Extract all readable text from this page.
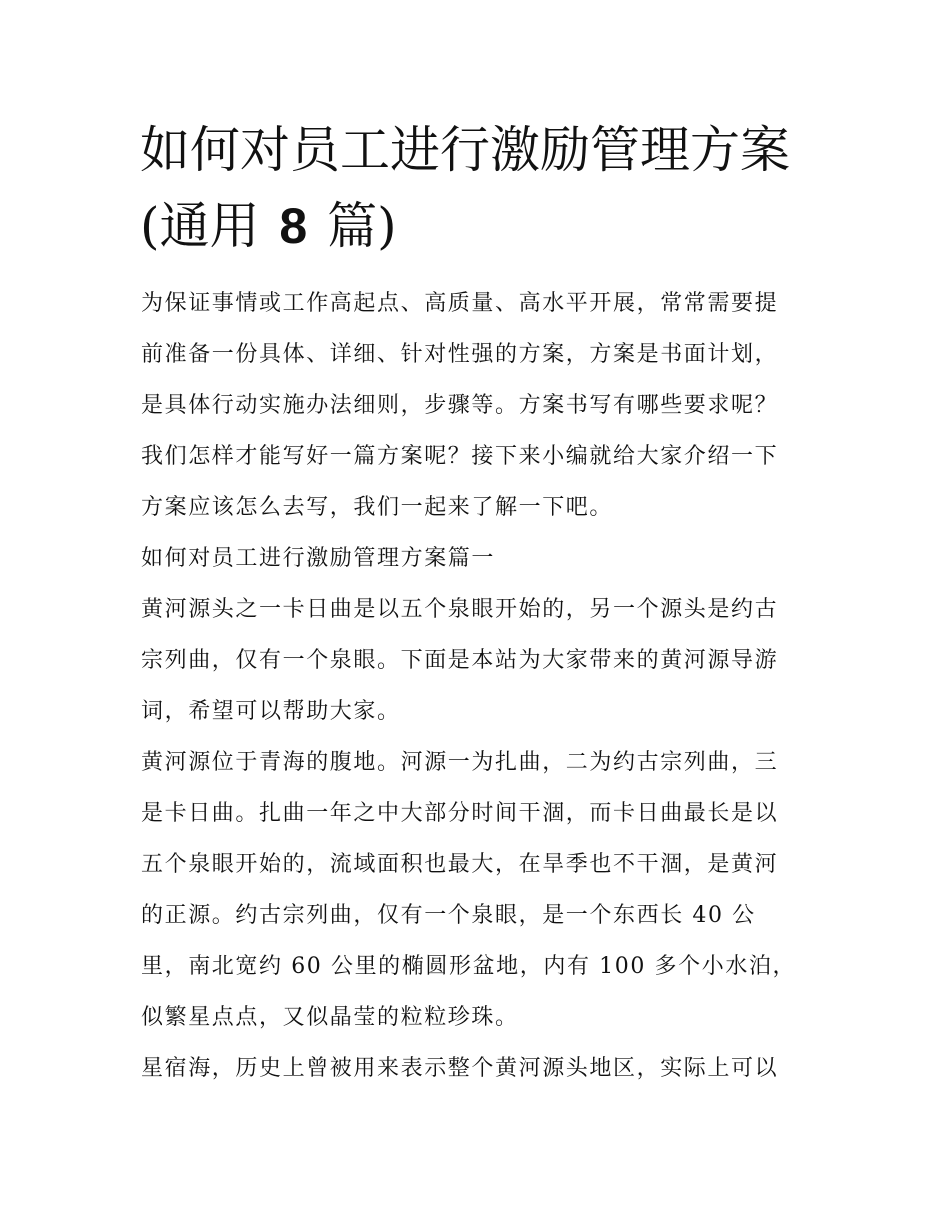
如何对员工进行激励管理方案
(通用 8 篇)

为保证事情或工作高起点、高质量、高水平开展，常常需要提
前准备一份具体、详细、针对性强的方案，方案是书面计划，
是具体行动实施办法细则，步骤等。方案书写有哪些要求呢？
我们怎样才能写好一篇方案呢？接下来小编就给大家介绍一下
方案应该怎么去写，我们一起来了解一下吧。

如何对员工进行激励管理方案篇一

黄河源头之一卡日曲是以五个泉眼开始的，另一个源头是约古
宗列曲，仅有一个泉眼。下面是本站为大家带来的黄河源导游
词，希望可以帮助大家。

黄河源位于青海的腹地。河源一为扎曲，二为约古宗列曲，三
是卡日曲。扎曲一年之中大部分时间干涸，而卡日曲最长是以
五个泉眼开始的，流域面积也最大，在旱季也不干涸，是黄河
的正源。约古宗列曲，仅有一个泉眼，是一个东西长 40 公
里，南北宽约 60 公里的椭圆形盆地，内有 100 多个小水泊，
似繁星点点，又似晶莹的粒粒珍珠。

星宿海，历史上曾被用来表示整个黄河源头地区，实际上可以
